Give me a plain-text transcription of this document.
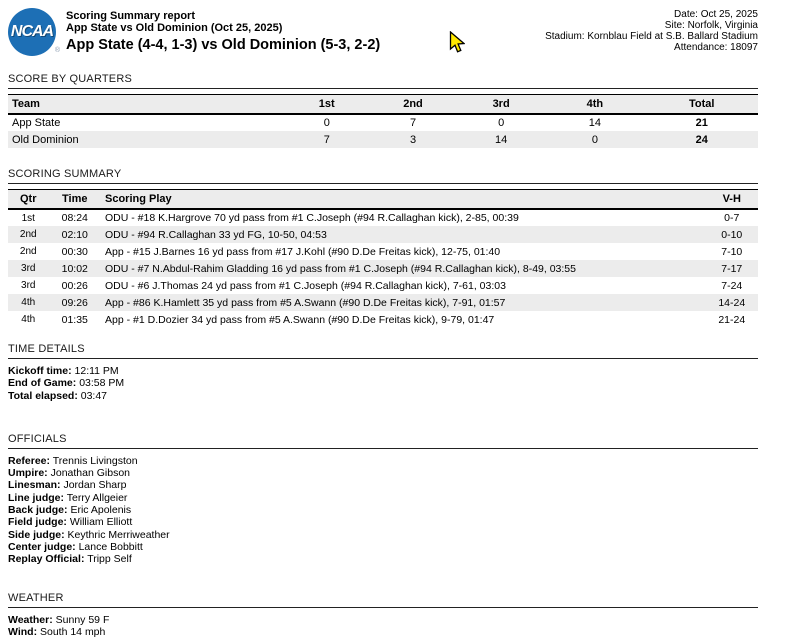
NCAA
®
Scoring Summary report
App State vs Old Dominion (Oct 25, 2025)
App State (4-4, 1-3) vs Old Dominion (5-3, 2-2)
Date: Oct 25, 2025
Site: Norfolk, Virginia
Stadium: Kornblau Field at S.B. Ballard Stadium
Attendance: 18097
SCORE BY QUARTERS
Team	1st	2nd	3rd	4th	Total
App State	0	7	0	14	21
Old Dominion	7	3	14	0	24
SCORING SUMMARY
Qtr	Time	Scoring Play	V-H
1st	08:24	ODU - #18 K.Hargrove 70 yd pass from #1 C.Joseph (#94 R.Callaghan kick), 2-85, 00:39	0-7
2nd	02:10	ODU - #94 R.Callaghan 33 yd FG, 10-50, 04:53	0-10
2nd	00:30	App - #15 J.Barnes 16 yd pass from #17 J.Kohl (#90 D.De Freitas kick), 12-75, 01:40	7-10
3rd	10:02	ODU - #7 N.Abdul-Rahim Gladding 16 yd pass from #1 C.Joseph (#94 R.Callaghan kick), 8-49, 03:55	7-17
3rd	00:26	ODU - #6 J.Thomas 24 yd pass from #1 C.Joseph (#94 R.Callaghan kick), 7-61, 03:03	7-24
4th	09:26	App - #86 K.Hamlett 35 yd pass from #5 A.Swann (#90 D.De Freitas kick), 7-91, 01:57	14-24
4th	01:35	App - #1 D.Dozier 34 yd pass from #5 A.Swann (#90 D.De Freitas kick), 9-79, 01:47	21-24
TIME DETAILS
Kickoff time: 12:11 PM
End of Game: 03:58 PM
Total elapsed: 03:47
OFFICIALS
Referee: Trennis Livingston
Umpire: Jonathan Gibson
Linesman: Jordan Sharp
Line judge: Terry Allgeier
Back judge: Eric Apolenis
Field judge: William Elliott
Side judge: Keythric Merriweather
Center judge: Lance Bobbitt
Replay Official: Tripp Self
WEATHER
Weather: Sunny 59 F
Wind: South 14 mph
